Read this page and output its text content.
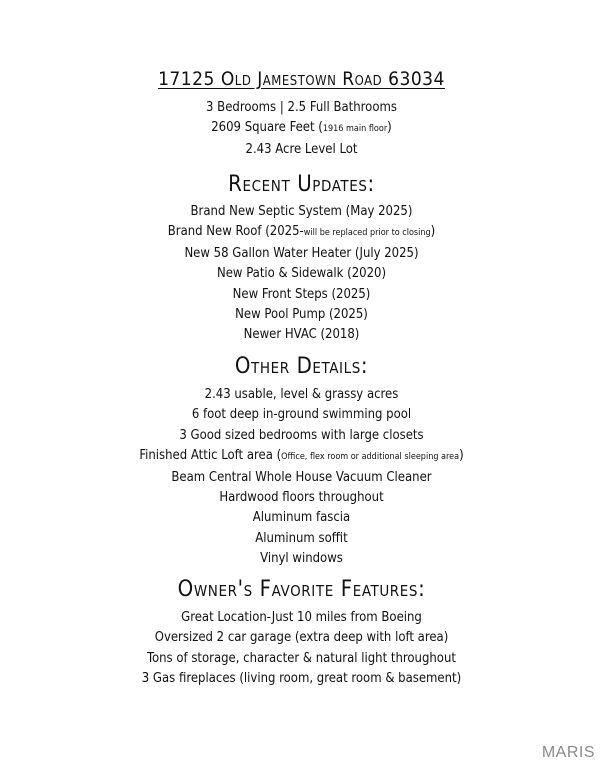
17125 Old Jamestown Road 63034
3 Bedrooms | 2.5 Full Bathrooms
2609 Square Feet (1916 main floor)
2.43 Acre Level Lot
Recent Updates:
Brand New Septic System (May 2025)
Brand New Roof (2025-will be replaced prior to closing)
New 58 Gallon Water Heater (July 2025)
New Patio & Sidewalk (2020)
New Front Steps (2025)
New Pool Pump (2025)
Newer HVAC (2018)
Other Details:
2.43 usable, level & grassy acres
6 foot deep in-ground swimming pool
3 Good sized bedrooms with large closets
Finished Attic Loft area (Office, flex room or additional sleeping area)
Beam Central Whole House Vacuum Cleaner
Hardwood floors throughout
Aluminum fascia
Aluminum soffit
Vinyl windows
Owner's Favorite Features:
Great Location-Just 10 miles from Boeing
Oversized 2 car garage (extra deep with loft area)
Tons of storage, character & natural light throughout
3 Gas fireplaces (living room, great room & basement)
MARIS
